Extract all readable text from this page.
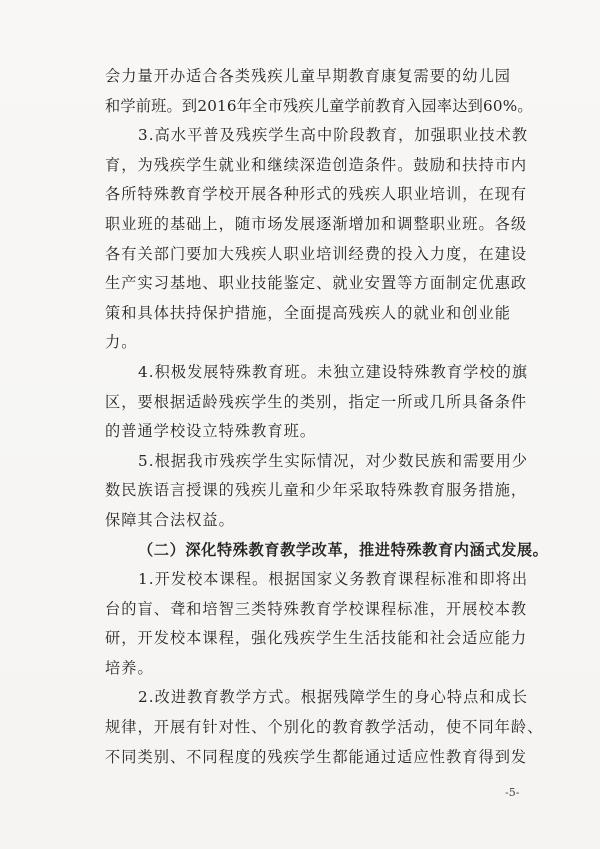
会力量开办适合各类残疾儿童早期教育康复需要的幼儿园
和学前班。到2016年全市残疾儿童学前教育入园率达到60%。
3.高水平普及残疾学生高中阶段教育，加强职业技术教
育，为残疾学生就业和继续深造创造条件。鼓励和扶持市内
各所特殊教育学校开展各种形式的残疾人职业培训，在现有
职业班的基础上，随市场发展逐渐增加和调整职业班。各级
各有关部门要加大残疾人职业培训经费的投入力度，在建设
生产实习基地、职业技能鉴定、就业安置等方面制定优惠政
策和具体扶持保护措施，全面提高残疾人的就业和创业能
力。
4.积极发展特殊教育班。未独立建设特殊教育学校的旗
区，要根据适龄残疾学生的类别，指定一所或几所具备条件
的普通学校设立特殊教育班。
5.根据我市残疾学生实际情况，对少数民族和需要用少
数民族语言授课的残疾儿童和少年采取特殊教育服务措施，
保障其合法权益。
（二）深化特殊教育教学改革，推进特殊教育内涵式发展。
1.开发校本课程。根据国家义务教育课程标准和即将出
台的盲、聋和培智三类特殊教育学校课程标准，开展校本教
研，开发校本课程，强化残疾学生生活技能和社会适应能力
培养。
2.改进教育教学方式。根据残障学生的身心特点和成长
规律，开展有针对性、个别化的教育教学活动，使不同年龄、
不同类别、不同程度的残疾学生都能通过适应性教育得到发
-5-
